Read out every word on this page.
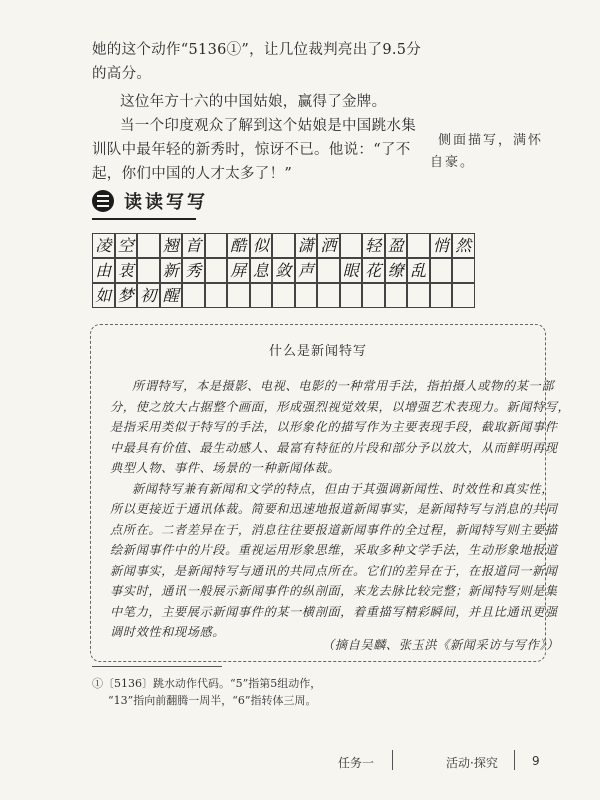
她的这个动作“5136①”，让几位裁判亮出了9.5分
的高分。
这位年方十六的中国姑娘，赢得了金牌。
当一个印度观众了解到这个姑娘是中国跳水集
训队中最年轻的新秀时，惊讶不已。他说：“了不
起，你们中国的人才太多了！”
侧面描写，满怀
自豪。
读读写写
凌 空 翘 首 酷 似 潇 洒 轻 盈 悄 然
由 衷 新 秀 屏 息 敛 声 眼 花 缭 乱
如 梦 初 醒
什么是新闻特写
所谓特写，本是摄影、电视、电影的一种常用手法，指拍摄人或物的某一部
分，使之放大占据整个画面，形成强烈视觉效果，以增强艺术表现力。新闻特写，
是指采用类似于特写的手法，以形象化的描写作为主要表现手段，截取新闻事件
中最具有价值、最生动感人、最富有特征的片段和部分予以放大，从而鲜明再现
典型人物、事件、场景的一种新闻体裁。
新闻特写兼有新闻和文学的特点，但由于其强调新闻性、时效性和真实性，
所以更接近于通讯体裁。简要和迅速地报道新闻事实，是新闻特写与消息的共同
点所在。二者差异在于，消息往往要报道新闻事件的全过程，新闻特写则主要描
绘新闻事件中的片段。重视运用形象思维，采取多种文学手法，生动形象地报道
新闻事实，是新闻特写与通讯的共同点所在。它们的差异在于，在报道同一新闻
事实时，通讯一般展示新闻事件的纵剖面，来龙去脉比较完整；新闻特写则是集
中笔力，主要展示新闻事件的某一横剖面，着重描写精彩瞬间，并且比通讯更强
调时效性和现场感。
（摘自吴麟、张玉洪《新闻采访与写作》）
①〔5136〕跳水动作代码。“5”指第5组动作，
“13”指向前翻腾一周半，“6”指转体三周。
任务一	活动·探究	9
